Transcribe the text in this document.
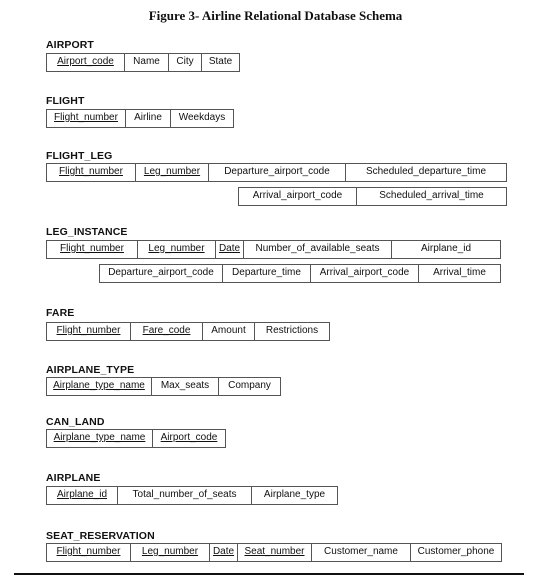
Figure 3- Airline Relational Database Schema
AIRPORT
Airport_code	Name	City	State
FLIGHT
Flight_number	Airline	Weekdays
FLIGHT_LEG
Flight_number	Leg_number	Departure_airport_code	Scheduled_departure_time
Arrival_airport_code	Scheduled_arrival_time
LEG_INSTANCE
Flight_number	Leg_number	Date	Number_of_available_seats	Airplane_id
Departure_airport_code	Departure_time	Arrival_airport_code	Arrival_time
FARE
Flight_number	Fare_code	Amount	Restrictions
AIRPLANE_TYPE
Airplane_type_name	Max_seats	Company
CAN_LAND
Airplane_type_name	Airport_code
AIRPLANE
Airplane_id	Total_number_of_seats	Airplane_type
SEAT_RESERVATION
Flight_number	Leg_number	Date	Seat_number	Customer_name	Customer_phone
